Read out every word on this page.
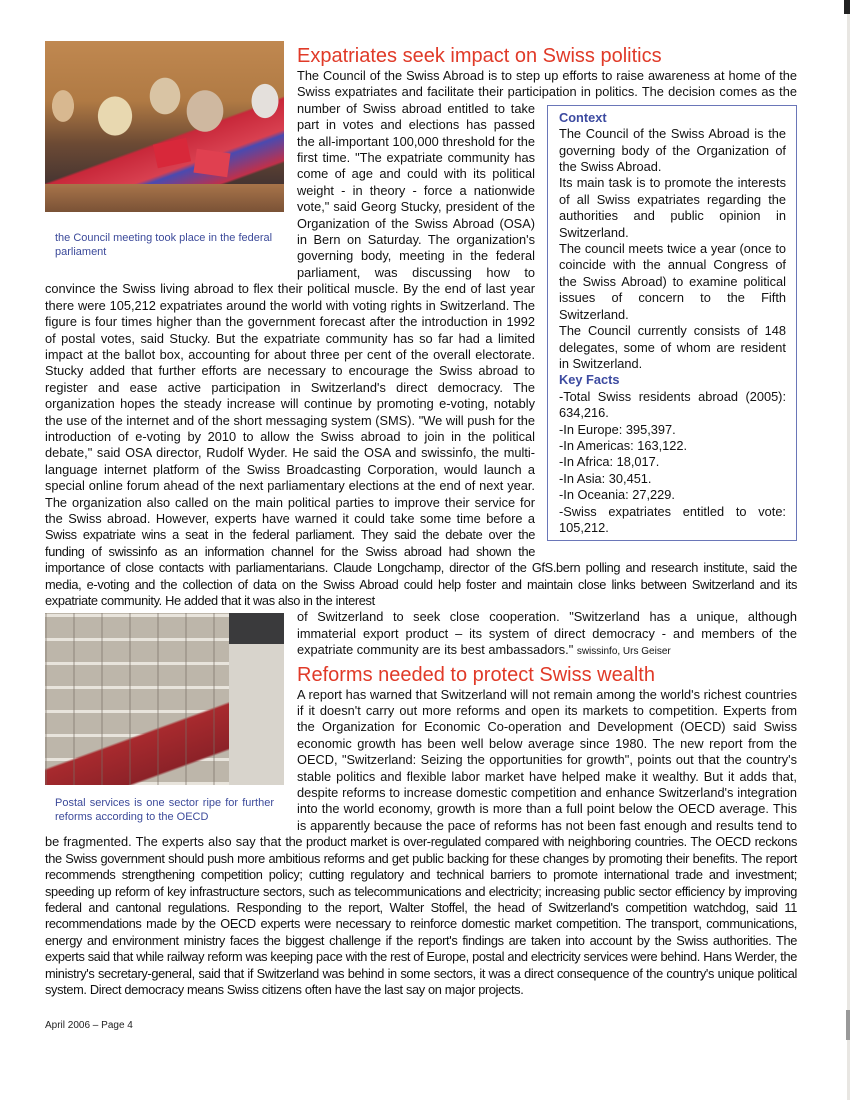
the Council meeting took place in the federal parliament
Expatriates seek impact on Swiss politics
The Council of the Swiss Abroad is to step up efforts to raise awareness at home of the Swiss expatriates and facilitate their participation in politics. The decision comes
Context

The Council of the Swiss Abroad is the governing body of the Organization of the Swiss Abroad.

Its main task is to promote the interests of all Swiss expatriates regarding the authorities and public opinion in Switzerland.

The council meets twice a year (once to coincide with the annual Congress of the Swiss Abroad) to examine political issues of concern to the Fifth Switzerland.

The Council currently consists of 148 delegates, some of whom are resident in Switzerland.

Key Facts

-Total Swiss residents abroad (2005): 634,216.

-In Europe: 395,397.

-In Americas: 163,122.

-In Africa: 18,017.

-In Asia: 30,451.

-In Oceania: 27,229.

-Swiss expatriates entitled to vote: 105,212.

as the number of Swiss abroad entitled to take part in votes and elections has passed the all-important 100,000 threshold for the first time. "The expatriate community has come of age and could with its political weight - in theory - force a nationwide vote," said Georg Stucky, president of the Organization of the Swiss Abroad (OSA) in Bern on Saturday. The organization's governing body, meeting in the federal parliament, was discussing how to convince the Swiss living abroad to flex their political muscle. By the end of last year there were 105,212 expatriates around the world with voting rights in Switzerland. The figure is four times higher than the government forecast after the introduction in 1992 of postal votes, said Stucky. But the expatriate community has so far had a limited impact at the ballot box, accounting for about three per cent of the overall electorate. Stucky added that further efforts are necessary to encourage the Swiss abroad to register and ease active participation in Switzerland's direct democracy. The organization hopes the steady increase will continue by promoting e-voting, notably the use of the internet and of the short messaging system (SMS). "We will push for the introduction of e-voting by 2010 to allow the Swiss abroad to join in the political debate," said OSA director, Rudolf Wyder. He said the OSA and swissinfo, the multi-language internet platform of the Swiss Broadcasting Corporation, would launch a special online forum ahead of the next parliamentary elections at the end of next year. The organization also called on the main political parties to improve their service for the Swiss abroad. However, experts have warned it could take some time before a Swiss expatriate wins a seat in the federal parliament. They said the debate over the funding of swissinfo as an information channel for the Swiss abroad had shown the importance of close contacts with parliamentarians. Claude Longchamp, director of the GfS.bern polling and research institute, said the media, e-voting and the collection of data on the Swiss Abroad could help foster and maintain close links between Switzerland and its expatriate community. He added that it was also in the interest
Postal services is one sector ripe for further reforms according to the OECD
of Switzerland to seek close cooperation. "Switzerland has a unique, although immaterial export product – its system of direct democracy - and members of the expatriate community are its best ambassadors." swissinfo, Urs Geiser
Reforms needed to protect Swiss wealth
A report has warned that Switzerland will not remain among the world's richest countries if it doesn't carry out more reforms and open its markets to competition. Experts from the Organization for Economic Co-operation and Development (OECD) said Swiss economic growth has been well below average since 1980. The new report from the OECD, "Switzerland: Seizing the opportunities for growth", points out that the country's stable politics and flexible labor market have helped make it wealthy. But it adds that, despite reforms to increase domestic competition and enhance Switzerland's integration into the world economy, growth is more than a full point below the OECD average. This is apparently because the pace of reforms has not been fast enough and results tend to be fragmented. The experts also say that the product market is over-regulated compared with neighboring countries. The OECD reckons the Swiss government should push more ambitious reforms and get public backing for these changes by promoting their benefits. The report recommends strengthening competition policy; cutting regulatory and technical barriers to promote international trade and investment; speeding up reform of key infrastructure sectors, such as telecommunications and electricity; increasing public sector efficiency by improving federal and cantonal regulations. Responding to the report, Walter Stoffel, the head of Switzerland's competition watchdog, said 11 recommendations made by the OECD experts were necessary to reinforce domestic market competition. The transport, communications, energy and environment ministry faces the biggest challenge if the report's findings are taken into account by the Swiss authorities. The experts said that while railway reform was keeping pace with the rest of Europe, postal and electricity services were behind. Hans Werder, the ministry's secretary-general, said that if Switzerland was behind in some sectors, it was a direct consequence of the country's unique political system. Direct democracy means Swiss citizens often have the last say on major projects.
April 2006 – Page 4
